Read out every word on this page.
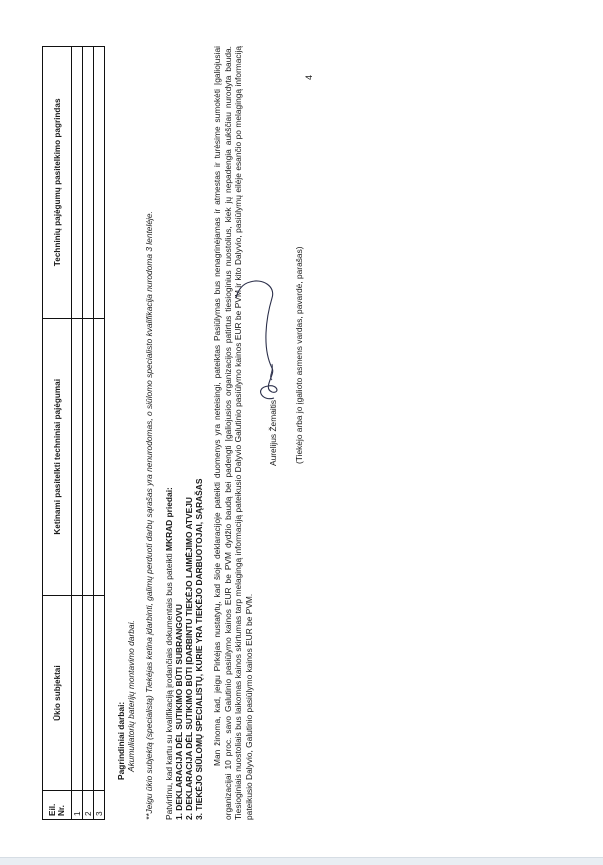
Eil. Nr.	Ūkio subjektai	Ketinami pasitelkti techniniai pajėgumai	Techninių pajėgumų pasitelkimo pagrindas
1			
2			
3			
Pagrindiniai darbai: Akumuliatorių baterijų montavimo darbai. **Jeigu ūkio subjektą (specialistą) Tiekėjas ketina įdarbinti, galimų perduoti darbų sąrašas yra nenurodomas, o siūlomo specialisto kvalifikacija nurodoma 3 lentelėje. Patvirtinu, kad kartu su kvalifikaciją įrodančiais dokumentais bus pateikti MKRAD priedai:
1. DEKLARACIJA DĖL SUTIKIMO BŪTI SUBRANGOVU 2. DEKLARACIJA DĖL SUTIKIMO BŪTI ĮDARBINTU TIEKĖJO LAIMĖJIMO ATVEJU 3. TIEKĖJO SIŪLOMŲ SPECIALISTŲ, KURIE YRA TIEKĖJO DARBUOTOJAI, SĄRAŠAS Man žinoma, kad, jeigu Pirkėjas nustatytų, kad šioje deklaracijoje pateikti duomenys yra neteisingi, pateiktas Pasiūlymas bus nenagrinėjamas ir atmestas ir turėsime sumokėti Įgaliojusiai organizacijai 10 proc. savo Galutinio pasiūlymo kainos EUR be PVM dydžio baudą bei padengti Įgaliojusios organizacijos patirtus tiesioginius nuostolius, kiek jų nepadengia aukščiau nurodyta bauda. Tiesioginiais nuostoliais bus laikomas kainos skirtumas tarp melagingą informaciją pateikusio Dalyvio Galutinio pasiūlymo kainos EUR be PVM ir kito Dalyvio, pasiūlymų eilėje esančio po melagingą informaciją pateikusio Dalyvio, Galutinio pasiūlymo kainos EUR be PVM.
Aurelijus Žemaitis (Tiekėjo arba jo įgalioto asmens vardas, pavardė, parašas)
4
